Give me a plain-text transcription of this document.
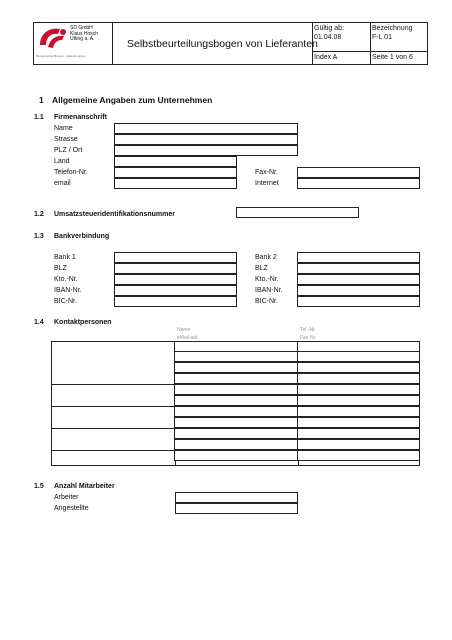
SD GmbH
Klaus Hirsch
Utting a. A.
Tempérierhei Bamen - Veilebnuumes
Selbstbeurteilungsbogen von Lieferanten
Gültig ab:
01.04.08
Bezeichnung
F-L 01
Index A	Seite 1 von 6
1 Allgemeine Angaben zum Unternehmen
1.1 Firmenanschrift
Name
Strasse
PLZ / Ort
Land
Telefon-Nr.
email
Fax-Nr.
Internet
1.2 Umsatzsteueridentifikationsnummer
1.3 Bankverbindung
Bank 1
BLZ
Kto.-Nr.
IBAN-Nr.
BIC-Nr.
Bank 2
BLZ
Kto.-Nr.
IBAN-Nr.
BIC-Nr.
1.4 Kontaktpersonen
Name
eMail-adr.
Tel.-Nr.
Fax-Nr.
1.5 Anzahl Mitarbeiter
Arbeiter
Angestellte
